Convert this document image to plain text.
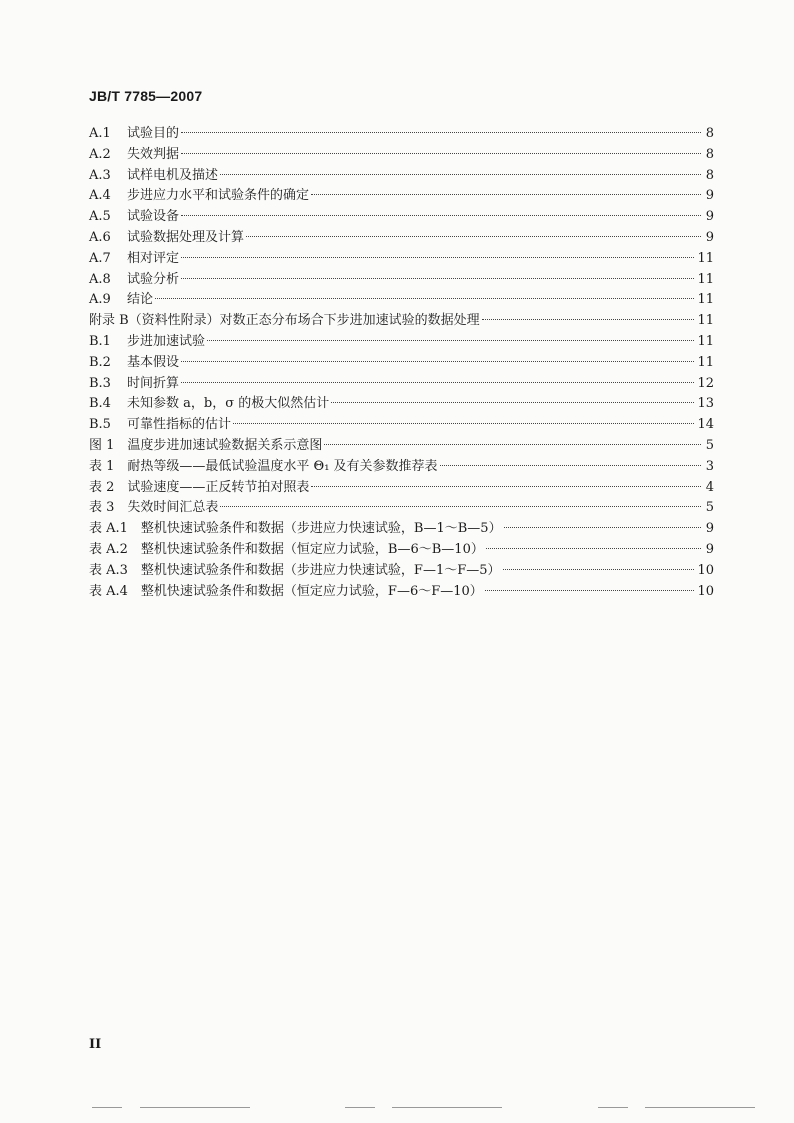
JB/T 7785—2007
A.1 试验目的	8
A.2 失效判据	8
A.3 试样电机及描述	8
A.4 步进应力水平和试验条件的确定	9
A.5 试验设备	9
A.6 试验数据处理及计算	9
A.7 相对评定	11
A.8 试验分析	11
A.9 结论	11
附录 B（资料性附录）对数正态分布场合下步进加速试验的数据处理	11
B.1 步进加速试验	11
B.2 基本假设	11
B.3 时间折算	12
B.4 未知参数 a，b，σ 的极大似然估计	13
B.5 可靠性指标的估计	14
图 1　温度步进加速试验数据关系示意图	5
表 1　耐热等级——最低试验温度水平 Θ₁ 及有关参数推荐表	3
表 2　试验速度——正反转节拍对照表	4
表 3　失效时间汇总表	5
表 A.1　整机快速试验条件和数据（步进应力快速试验，B—1～B—5）	9
表 A.2　整机快速试验条件和数据（恒定应力试验，B—6～B—10）	9
表 A.3　整机快速试验条件和数据（步进应力快速试验，F—1～F—5）	10
表 A.4　整机快速试验条件和数据（恒定应力试验，F—6～F—10）	10
II
